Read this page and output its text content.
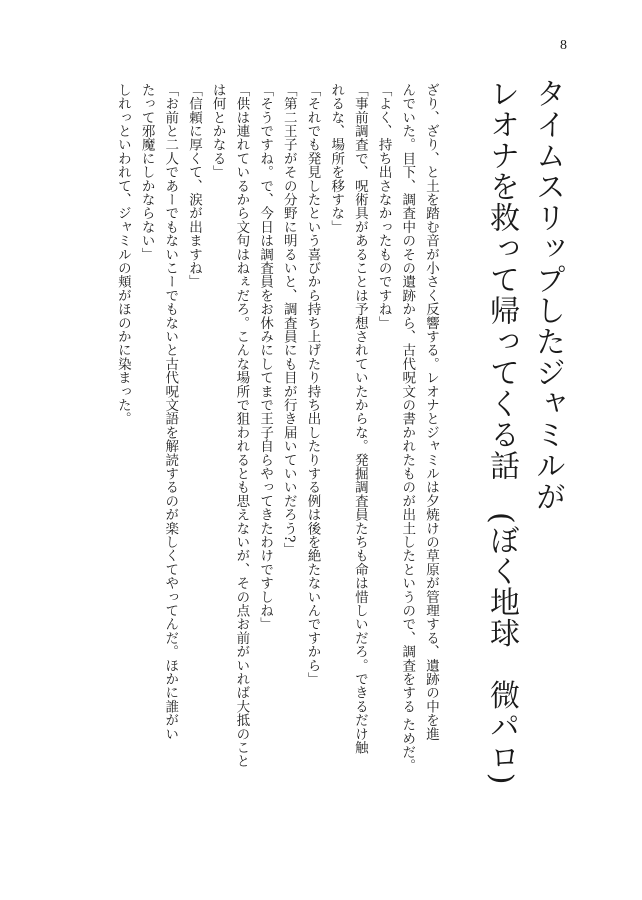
8
タイムスリップしたジャミルが
レオナを救って帰ってくる話　(ぼく地球　微パロ)
ざり、ざり、と土を踏む音が小さく反響する。レオナとジャミルは夕焼けの草原が管理する、遺跡の中を進
んでいた。目下、調査中のその遺跡から、古代呪文の書かれたものが出土したというので、調査をする ためだ。
「よく、持ち出さなかったものですね」
「事前調査で、呪術具があることは予想されていたからな。発掘調査員たちも命は惜しいだろ。できるだけ触
れるな、場所を移すな」
「それでも発見したという喜びから持ち上げたり持ち出したりする例は後を絶たないんですから」
「第二王子がその分野に明るいと、調査員にも目が行き届いていいだろう?」
「そうですね。で、今日は調査員をお休みにしてまで王子自らやってきたわけですしね」
「供は連れているから文句はねぇだろ。こんな場所で狙われるとも思えないが、その点お前がいれば大抵のこと
は何とかなる」
「信頼に厚くて、涙が出ますね」
「お前と二人であーでもないこーでもないと古代呪文語を解読するのが楽しくてやってんだ。ほかに誰がい
たって邪魔にしかならない」
しれっといわれて、ジャミルの頬がほのかに染まった。
